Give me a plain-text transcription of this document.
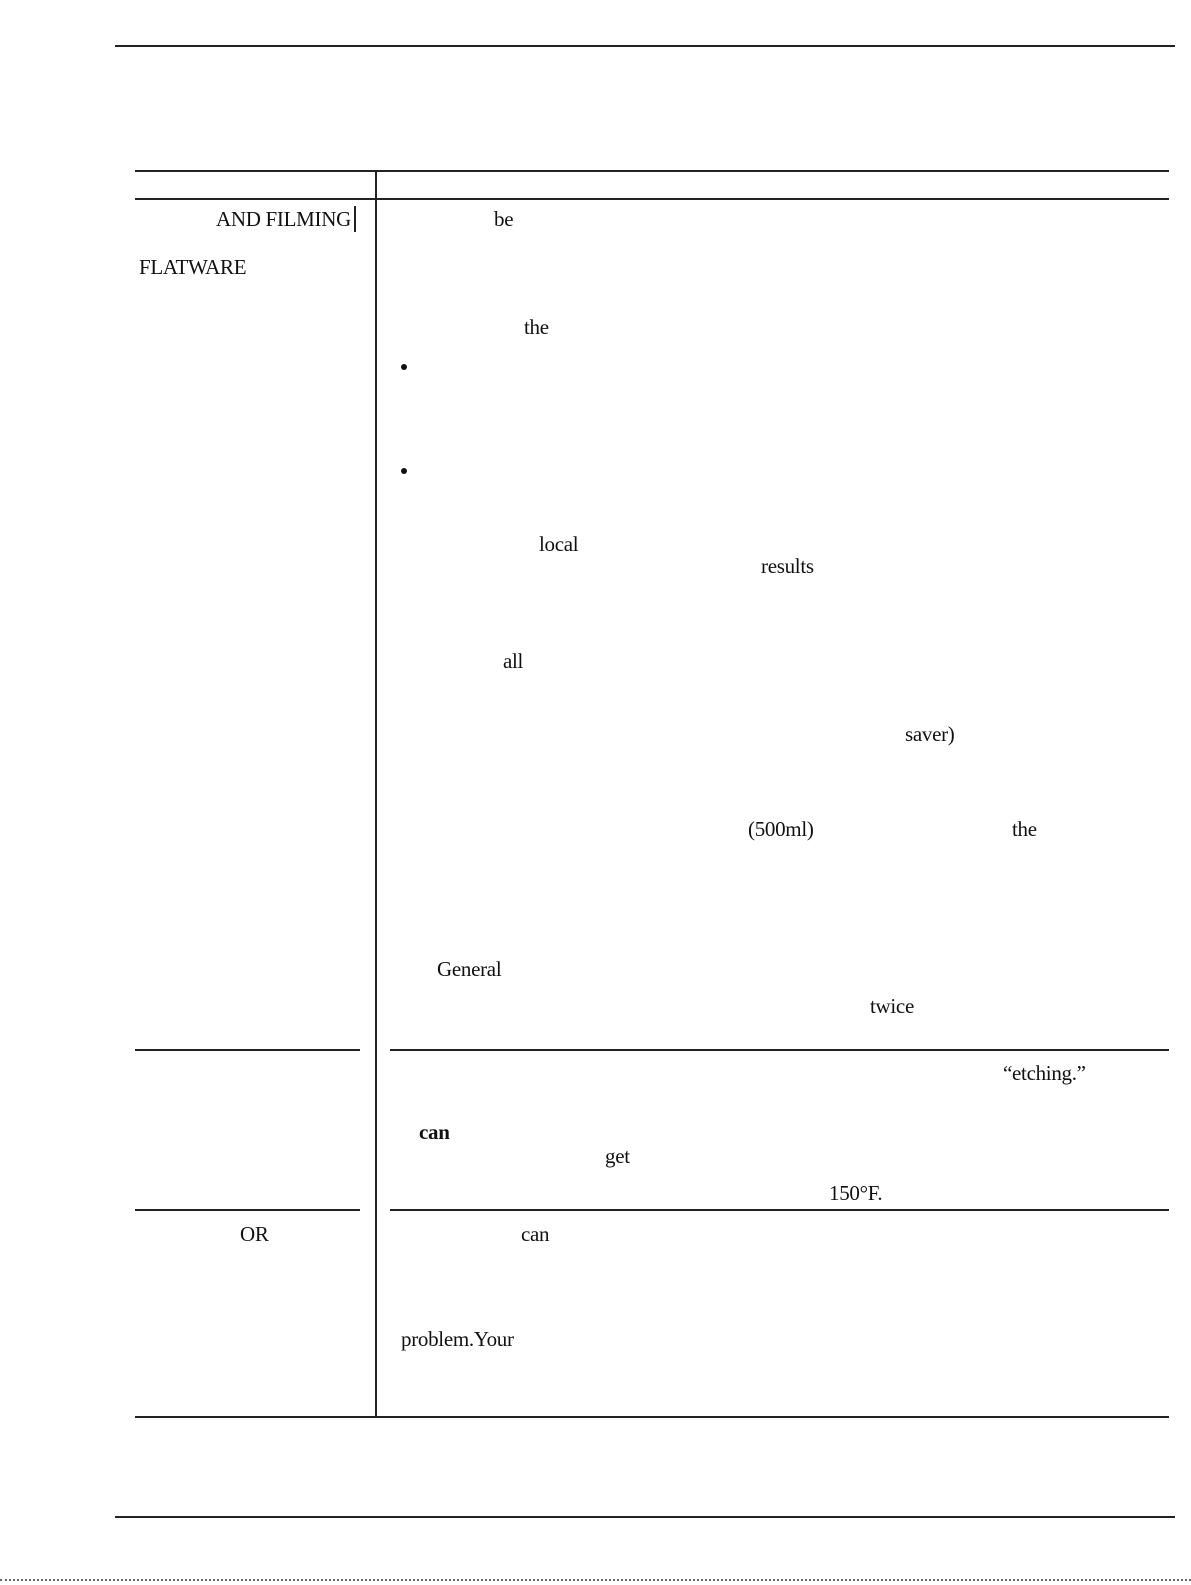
AND FILMING
FLATWARE
OR
be
the
local
results
all
saver)
(500ml)	the
General
twice
“etching.”
can
get
150°F.
can
problem.Your
